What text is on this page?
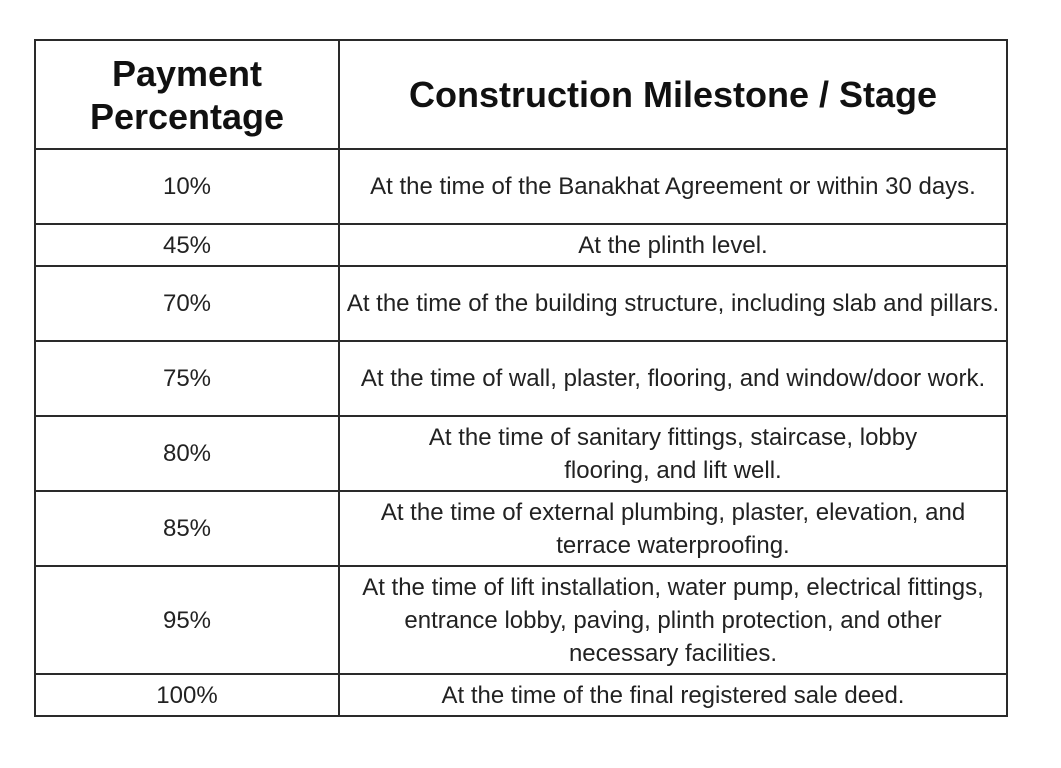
Payment
Percentage	Construction Milestone / Stage
10%	At the time of the Banakhat Agreement or within 30 days.
45%	At the plinth level.
70%	At the time of the building structure, including slab and pillars.
75%	At the time of wall, plaster, flooring, and window/door work.
80%	At the time of sanitary fittings, staircase, lobby flooring, and lift well.
85%	At the time of external plumbing, plaster, elevation, and terrace waterproofing.
95%	At the time of lift installation, water pump, electrical fittings, entrance lobby, paving, plinth protection, and other necessary facilities.
100%	At the time of the final registered sale deed.
